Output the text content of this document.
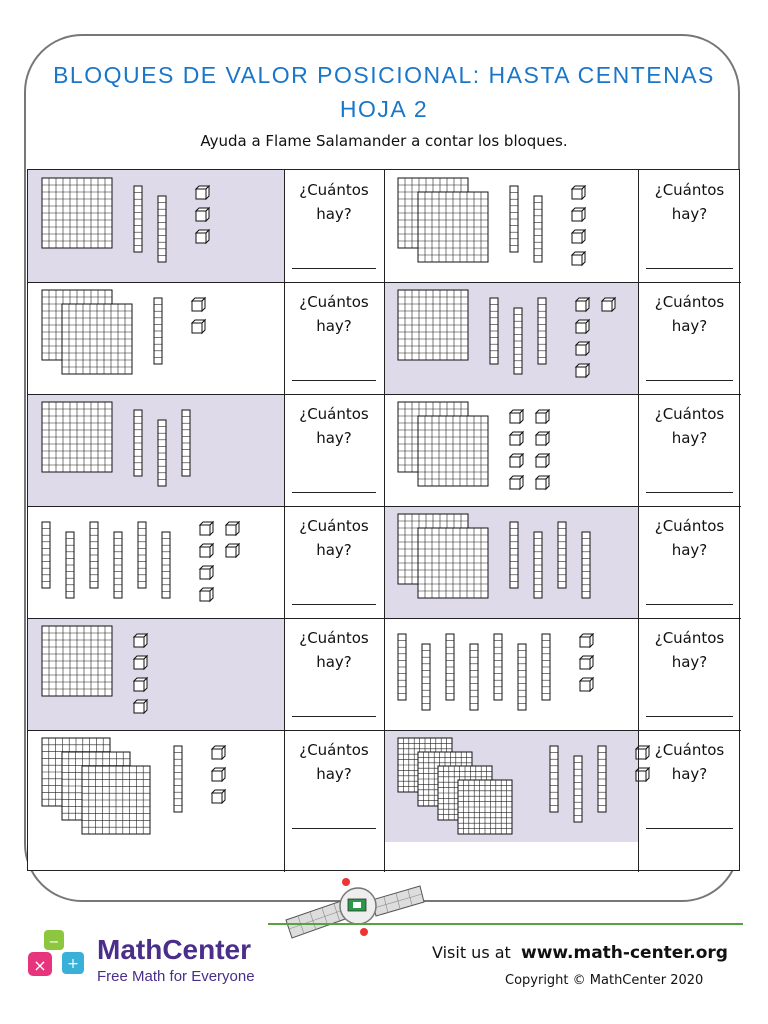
BLOQUES DE VALOR POSICIONAL: HASTA CENTENAS
HOJA 2
Ayuda a Flame Salamander a contar los bloques.
¿Cuántos
hay?
¿Cuántos
hay?
¿Cuántos
hay?
¿Cuántos
hay?
¿Cuántos
hay?
¿Cuántos
hay?
¿Cuántos
hay?
¿Cuántos
hay?
¿Cuántos
hay?
¿Cuántos
hay?
¿Cuántos
hay?
¿Cuántos
hay?
× +
− MathCenter
Free Math for Everyone
Visit us at www.math-center.org
Copyright © MathCenter 2020
